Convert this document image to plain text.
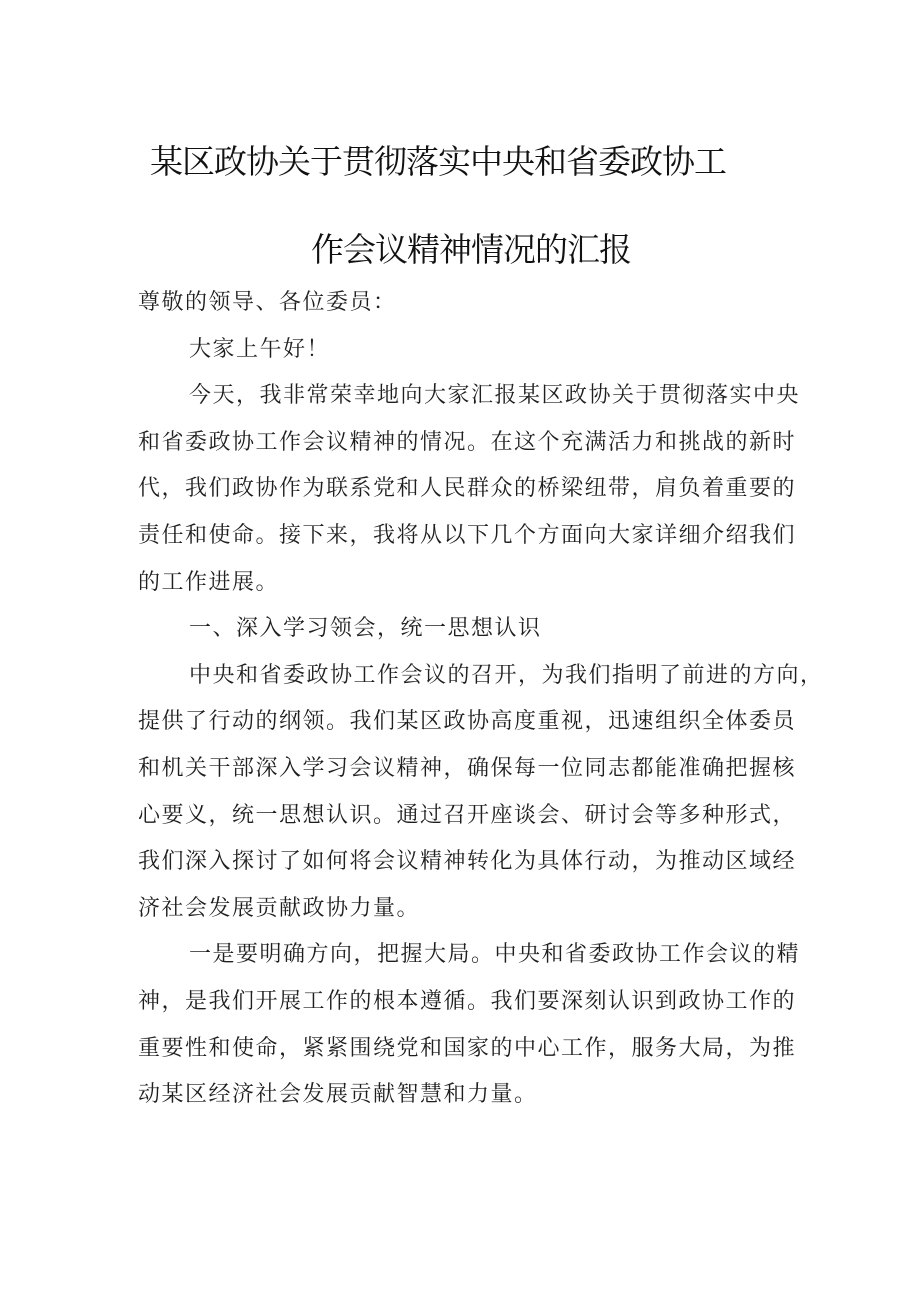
某区政协关于贯彻落实中央和省委政协工
作会议精神情况的汇报
尊敬的领导、各位委员：
大家上午好！
今天，我非常荣幸地向大家汇报某区政协关于贯彻落实中央
和省委政协工作会议精神的情况。在这个充满活力和挑战的新时
代，我们政协作为联系党和人民群众的桥梁纽带，肩负着重要的
责任和使命。接下来，我将从以下几个方面向大家详细介绍我们
的工作进展。
一、深入学习领会，统一思想认识
中央和省委政协工作会议的召开，为我们指明了前进的方向，
提供了行动的纲领。我们某区政协高度重视，迅速组织全体委员
和机关干部深入学习会议精神，确保每一位同志都能准确把握核
心要义，统一思想认识。通过召开座谈会、研讨会等多种形式，
我们深入探讨了如何将会议精神转化为具体行动，为推动区域经
济社会发展贡献政协力量。
一是要明确方向，把握大局。中央和省委政协工作会议的精
神，是我们开展工作的根本遵循。我们要深刻认识到政协工作的
重要性和使命，紧紧围绕党和国家的中心工作，服务大局，为推
动某区经济社会发展贡献智慧和力量。
